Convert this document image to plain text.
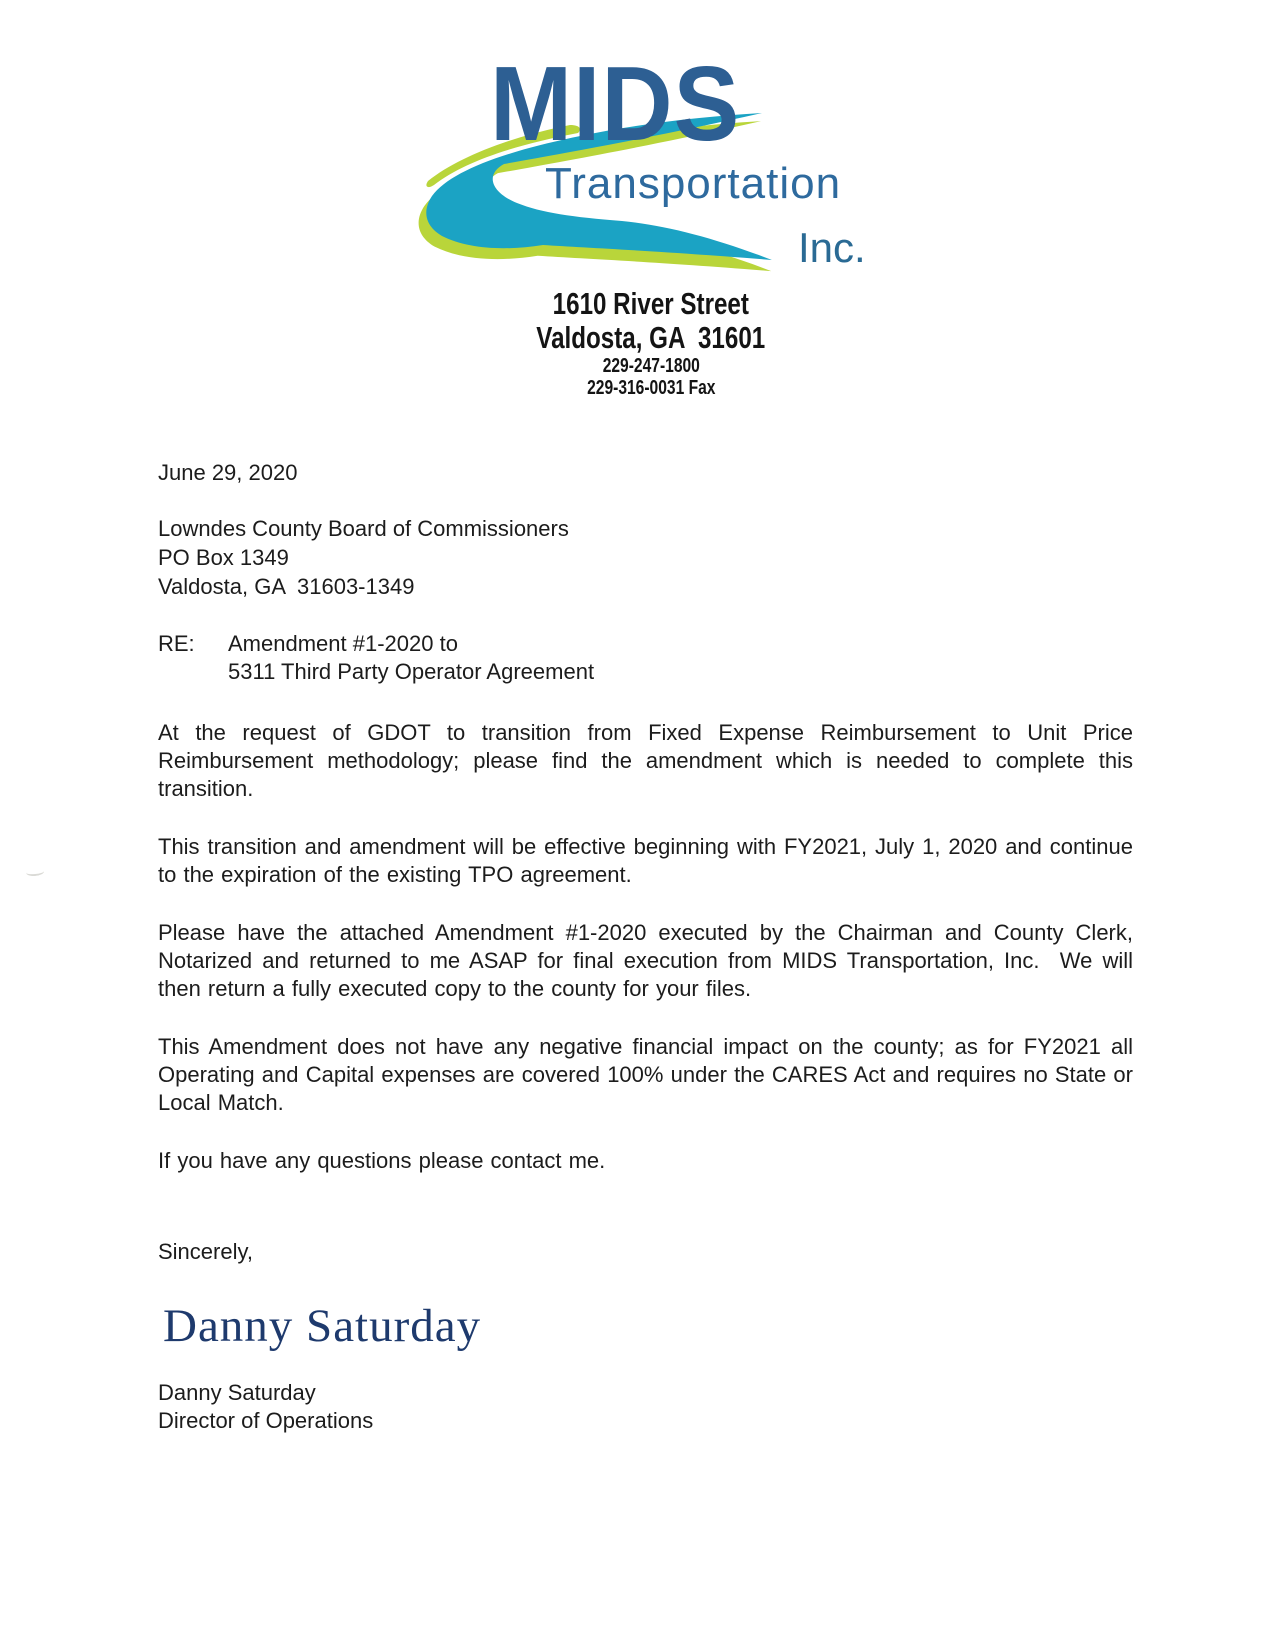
MIDS
Transportation
Inc.
1610 River Street
Valdosta, GA  31601
229-247-1800
229-316-0031 Fax
June 29, 2020
Lowndes County Board of Commissioners
PO Box 1349
Valdosta, GA  31603-1349
RE:	Amendment #1-2020 to
5311 Third Party Operator Agreement

At the request of GDOT to transition from Fixed Expense Reimbursement to Unit Price Reimbursement methodology; please find the amendment which is needed to complete this transition.

This transition and amendment will be effective beginning with FY2021, July 1, 2020 and continue to the expiration of the existing TPO agreement.

Please have the attached Amendment #1-2020 executed by the Chairman and County Clerk, Notarized and returned to me ASAP for final execution from MIDS Transportation, Inc.  We will then return a fully executed copy to the county for your files.

This Amendment does not have any negative financial impact on the county; as for FY2021 all Operating and Capital expenses are covered 100% under the CARES Act and requires no State or Local Match.

If you have any questions please contact me.

Sincerely,
Danny Saturday
Danny Saturday
Director of Operations
